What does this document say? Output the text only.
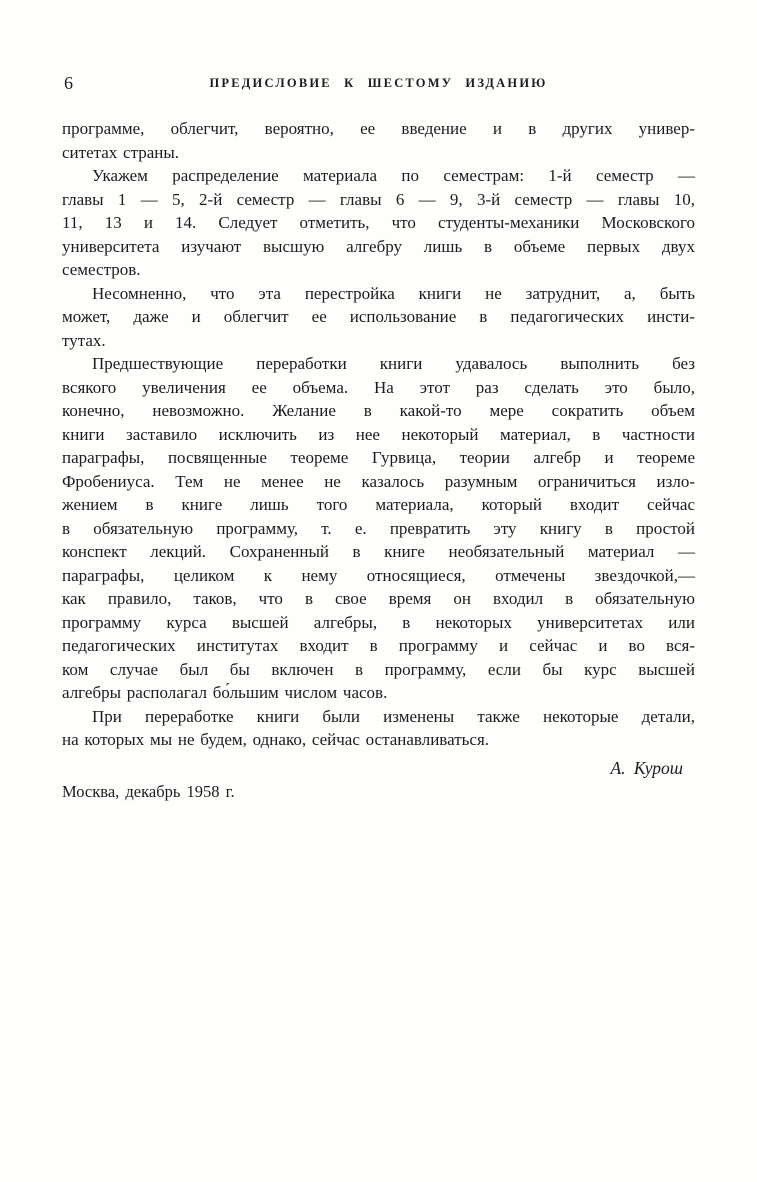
6	ПРЕДИСЛОВИЕ К ШЕСТОМУ ИЗДАНИЮ
программе, облегчит, вероятно, ее введение и в других универ-
ситетах страны.
Укажем распределение материала по семестрам: 1-й семестр —
главы 1 — 5, 2-й семестр — главы 6 — 9, 3-й семестр — главы 10,
11, 13 и 14. Следует отметить, что студенты-механики Московского
университета изучают высшую алгебру лишь в объеме первых двух
семестров.
Несомненно, что эта перестройка книги не затруднит, а, быть
может, даже и облегчит ее использование в педагогических инсти-
тутах.
Предшествующие переработки книги удавалось выполнить без
всякого увеличения ее объема. На этот раз сделать это было,
конечно, невозможно. Желание в какой-то мере сократить объем
книги заставило исключить из нее некоторый материал, в частности
параграфы, посвященные теореме Гурвица, теории алгебр и теореме
Фробениуса. Тем не менее не казалось разумным ограничиться изло-
жением в книге лишь того материала, который входит сейчас
в обязательную программу, т. е. превратить эту книгу в простой
конспект лекций. Сохраненный в книге необязательный материал —
параграфы, целиком к нему относящиеся, отмечены звездочкой,—
как правило, таков, что в свое время он входил в обязательную
программу курса высшей алгебры, в некоторых университетах или
педагогических институтах входит в программу и сейчас и во вся-
ком случае был бы включен в программу, если бы курс высшей
алгебры располагал бо́льшим числом часов.
При переработке книги были изменены также некоторые детали,
на которых мы не будем, однако, сейчас останавливаться.
А. Курош
Москва, декабрь 1958 г.
